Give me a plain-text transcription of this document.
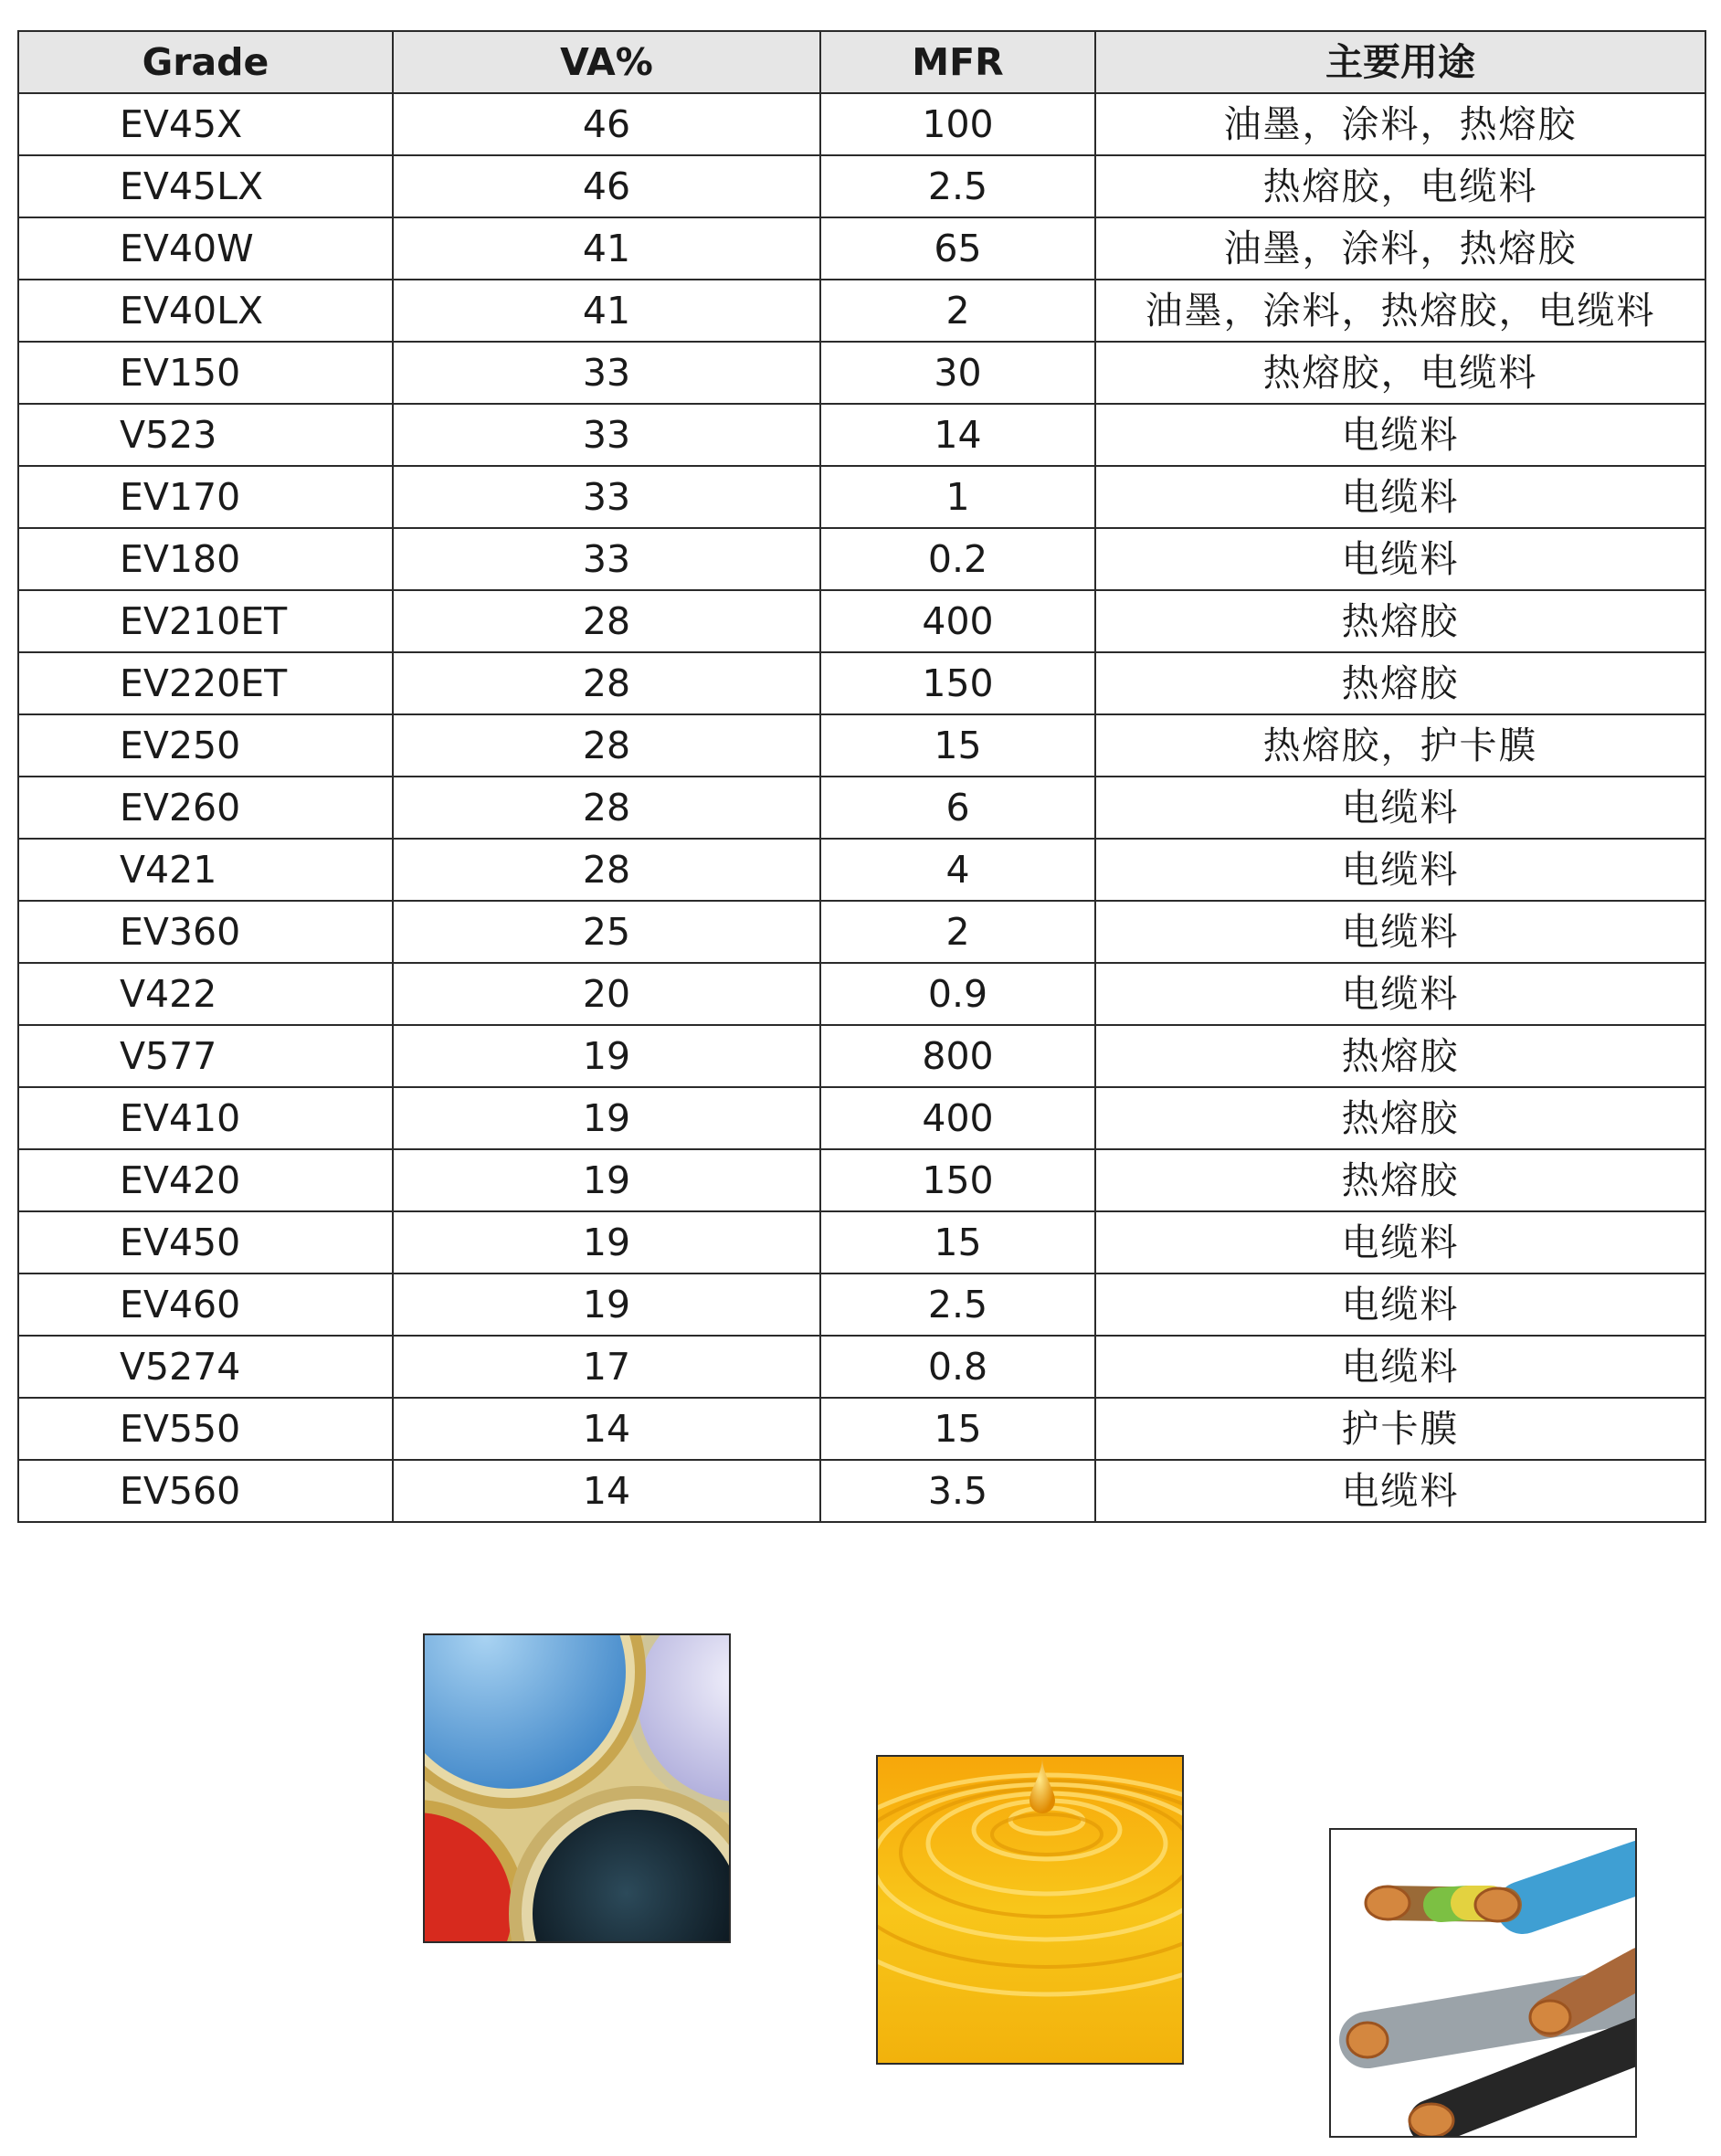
Grade	VA%	MFR	主要用途
EV45X	46	100	油墨，涂料，热熔胶
EV45LX	46	2.5	热熔胶，电缆料
EV40W	41	65	油墨，涂料，热熔胶
EV40LX	41	2	油墨，涂料，热熔胶，电缆料
EV150	33	30	热熔胶，电缆料
V523	33	14	电缆料
EV170	33	1	电缆料
EV180	33	0.2	电缆料
EV210ET	28	400	热熔胶
EV220ET	28	150	热熔胶
EV250	28	15	热熔胶，护卡膜
EV260	28	6	电缆料
V421	28	4	电缆料
EV360	25	2	电缆料
V422	20	0.9	电缆料
V577	19	800	热熔胶
EV410	19	400	热熔胶
EV420	19	150	热熔胶
EV450	19	15	电缆料
EV460	19	2.5	电缆料
V5274	17	0.8	电缆料
EV550	14	15	护卡膜
EV560	14	3.5	电缆料
